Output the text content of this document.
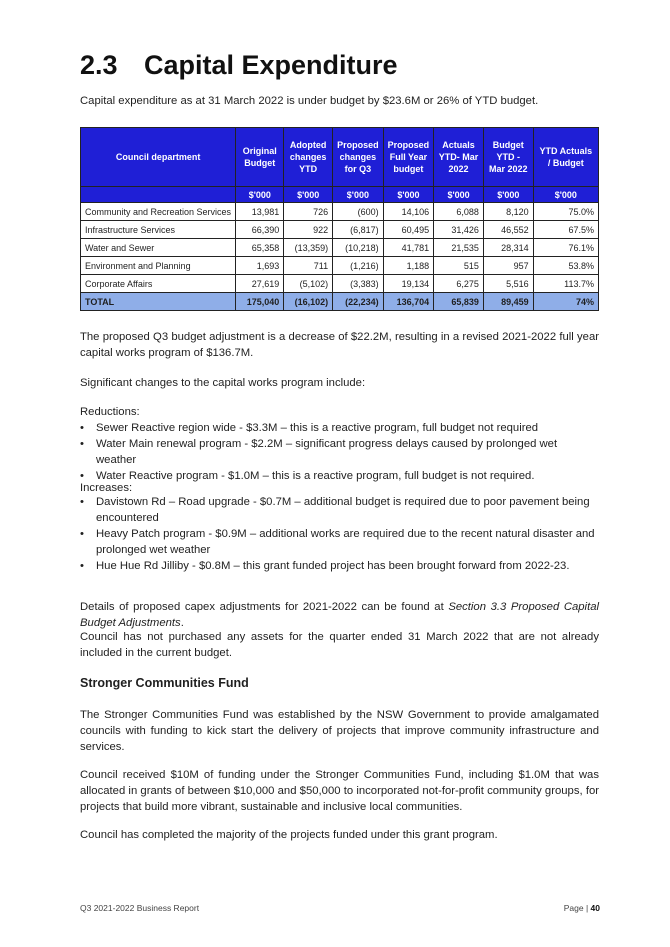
2.3 Capital Expenditure
Capital expenditure as at 31 March 2022 is under budget by $23.6M or 26% of YTD budget.
Council department	Original Budget	Adopted changes YTD	Proposed changes for Q3	Proposed Full Year budget	Actuals YTD- Mar 2022	Budget YTD - Mar 2022	YTD Actuals / Budget
	$'000	$'000	$'000	$'000	$'000	$'000	$'000
Community and Recreation Services	13,981	726	(600)	14,106	6,088	8,120	75.0%
Infrastructure Services	66,390	922	(6,817)	60,495	31,426	46,552	67.5%
Water and Sewer	65,358	(13,359)	(10,218)	41,781	21,535	28,314	76.1%
Environment and Planning	1,693	711	(1,216)	1,188	515	957	53.8%
Corporate Affairs	27,619	(5,102)	(3,383)	19,134	6,275	5,516	113.7%
TOTAL	175,040	(16,102)	(22,234)	136,704	65,839	89,459	74%
The proposed Q3 budget adjustment is a decrease of $22.2M, resulting in a revised 2021-2022 full year capital works program of $136.7M.
Significant changes to the capital works program include:
Reductions:
• Sewer Reactive region wide - $3.3M – this is a reactive program, full budget not required
• Water Main renewal program - $2.2M – significant progress delays caused by prolonged wet weather
• Water Reactive program - $1.0M – this is a reactive program, full budget is not required.
Increases:
• Davistown Rd – Road upgrade - $0.7M – additional budget is required due to poor pavement being encountered
• Heavy Patch program - $0.9M – additional works are required due to the recent natural disaster and prolonged wet weather
• Hue Hue Rd Jilliby - $0.8M – this grant funded project has been brought forward from 2022-23.
Details of proposed capex adjustments for 2021-2022 can be found at Section 3.3 Proposed Capital Budget Adjustments.
Council has not purchased any assets for the quarter ended 31 March 2022 that are not already included in the current budget.
Stronger Communities Fund
The Stronger Communities Fund was established by the NSW Government to provide amalgamated councils with funding to kick start the delivery of projects that improve community infrastructure and services.
Council received $10M of funding under the Stronger Communities Fund, including $1.0M that was allocated in grants of between $10,000 and $50,000 to incorporated not-for-profit community groups, for projects that build more vibrant, sustainable and inclusive local communities.
Council has completed the majority of the projects funded under this grant program.
Q3 2021-2022 Business Report	Page | 40
